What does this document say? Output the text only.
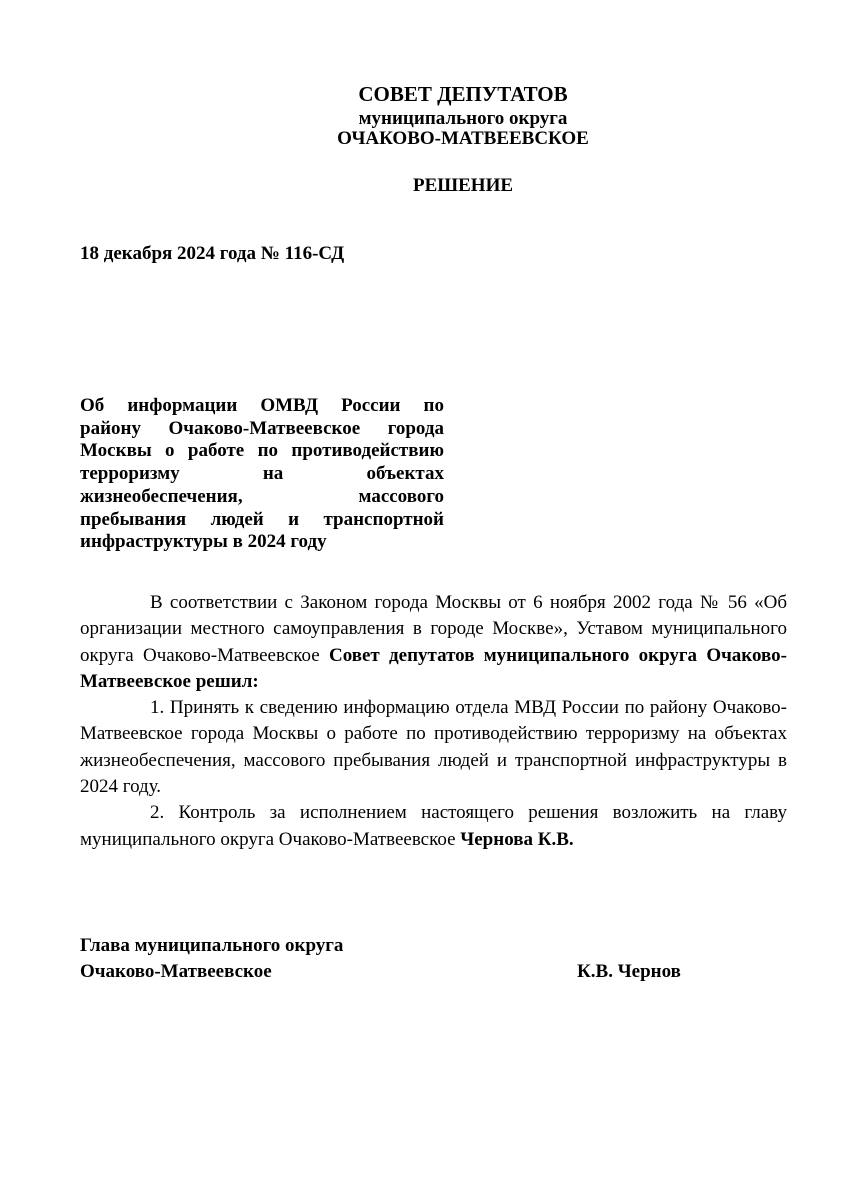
СОВЕТ ДЕПУТАТОВ
муниципального округа
ОЧАКОВО-МАТВЕЕВСКОЕ
РЕШЕНИЕ
18 декабря 2024 года № 116-СД
Об информации ОМВД России по
району Очаково-Матвеевское города
Москвы о работе по противодействию
терроризму на объектах
жизнеобеспечения, массового
пребывания людей и транспортной
инфраструктуры в 2024 году

В соответствии с Законом города Москвы от 6 ноября 2002 года № 56 «Об организации местного самоуправления в городе Москве», Уставом муниципального округа Очаково-Матвеевское Совет депутатов муниципального округа Очаково-Матвеевское решил:

1. Принять к сведению информацию отдела МВД России по району Очаково-Матвеевское города Москвы о работе по противодействию терроризму на объектах жизнеобеспечения, массового пребывания людей и транспортной инфраструктуры в 2024 году.

2. Контроль за исполнением настоящего решения возложить на главу муниципального округа Очаково-Матвеевское Чернова К.В.

Глава муниципального округа
Очаково-Матвеевское	К.В. Чернов
